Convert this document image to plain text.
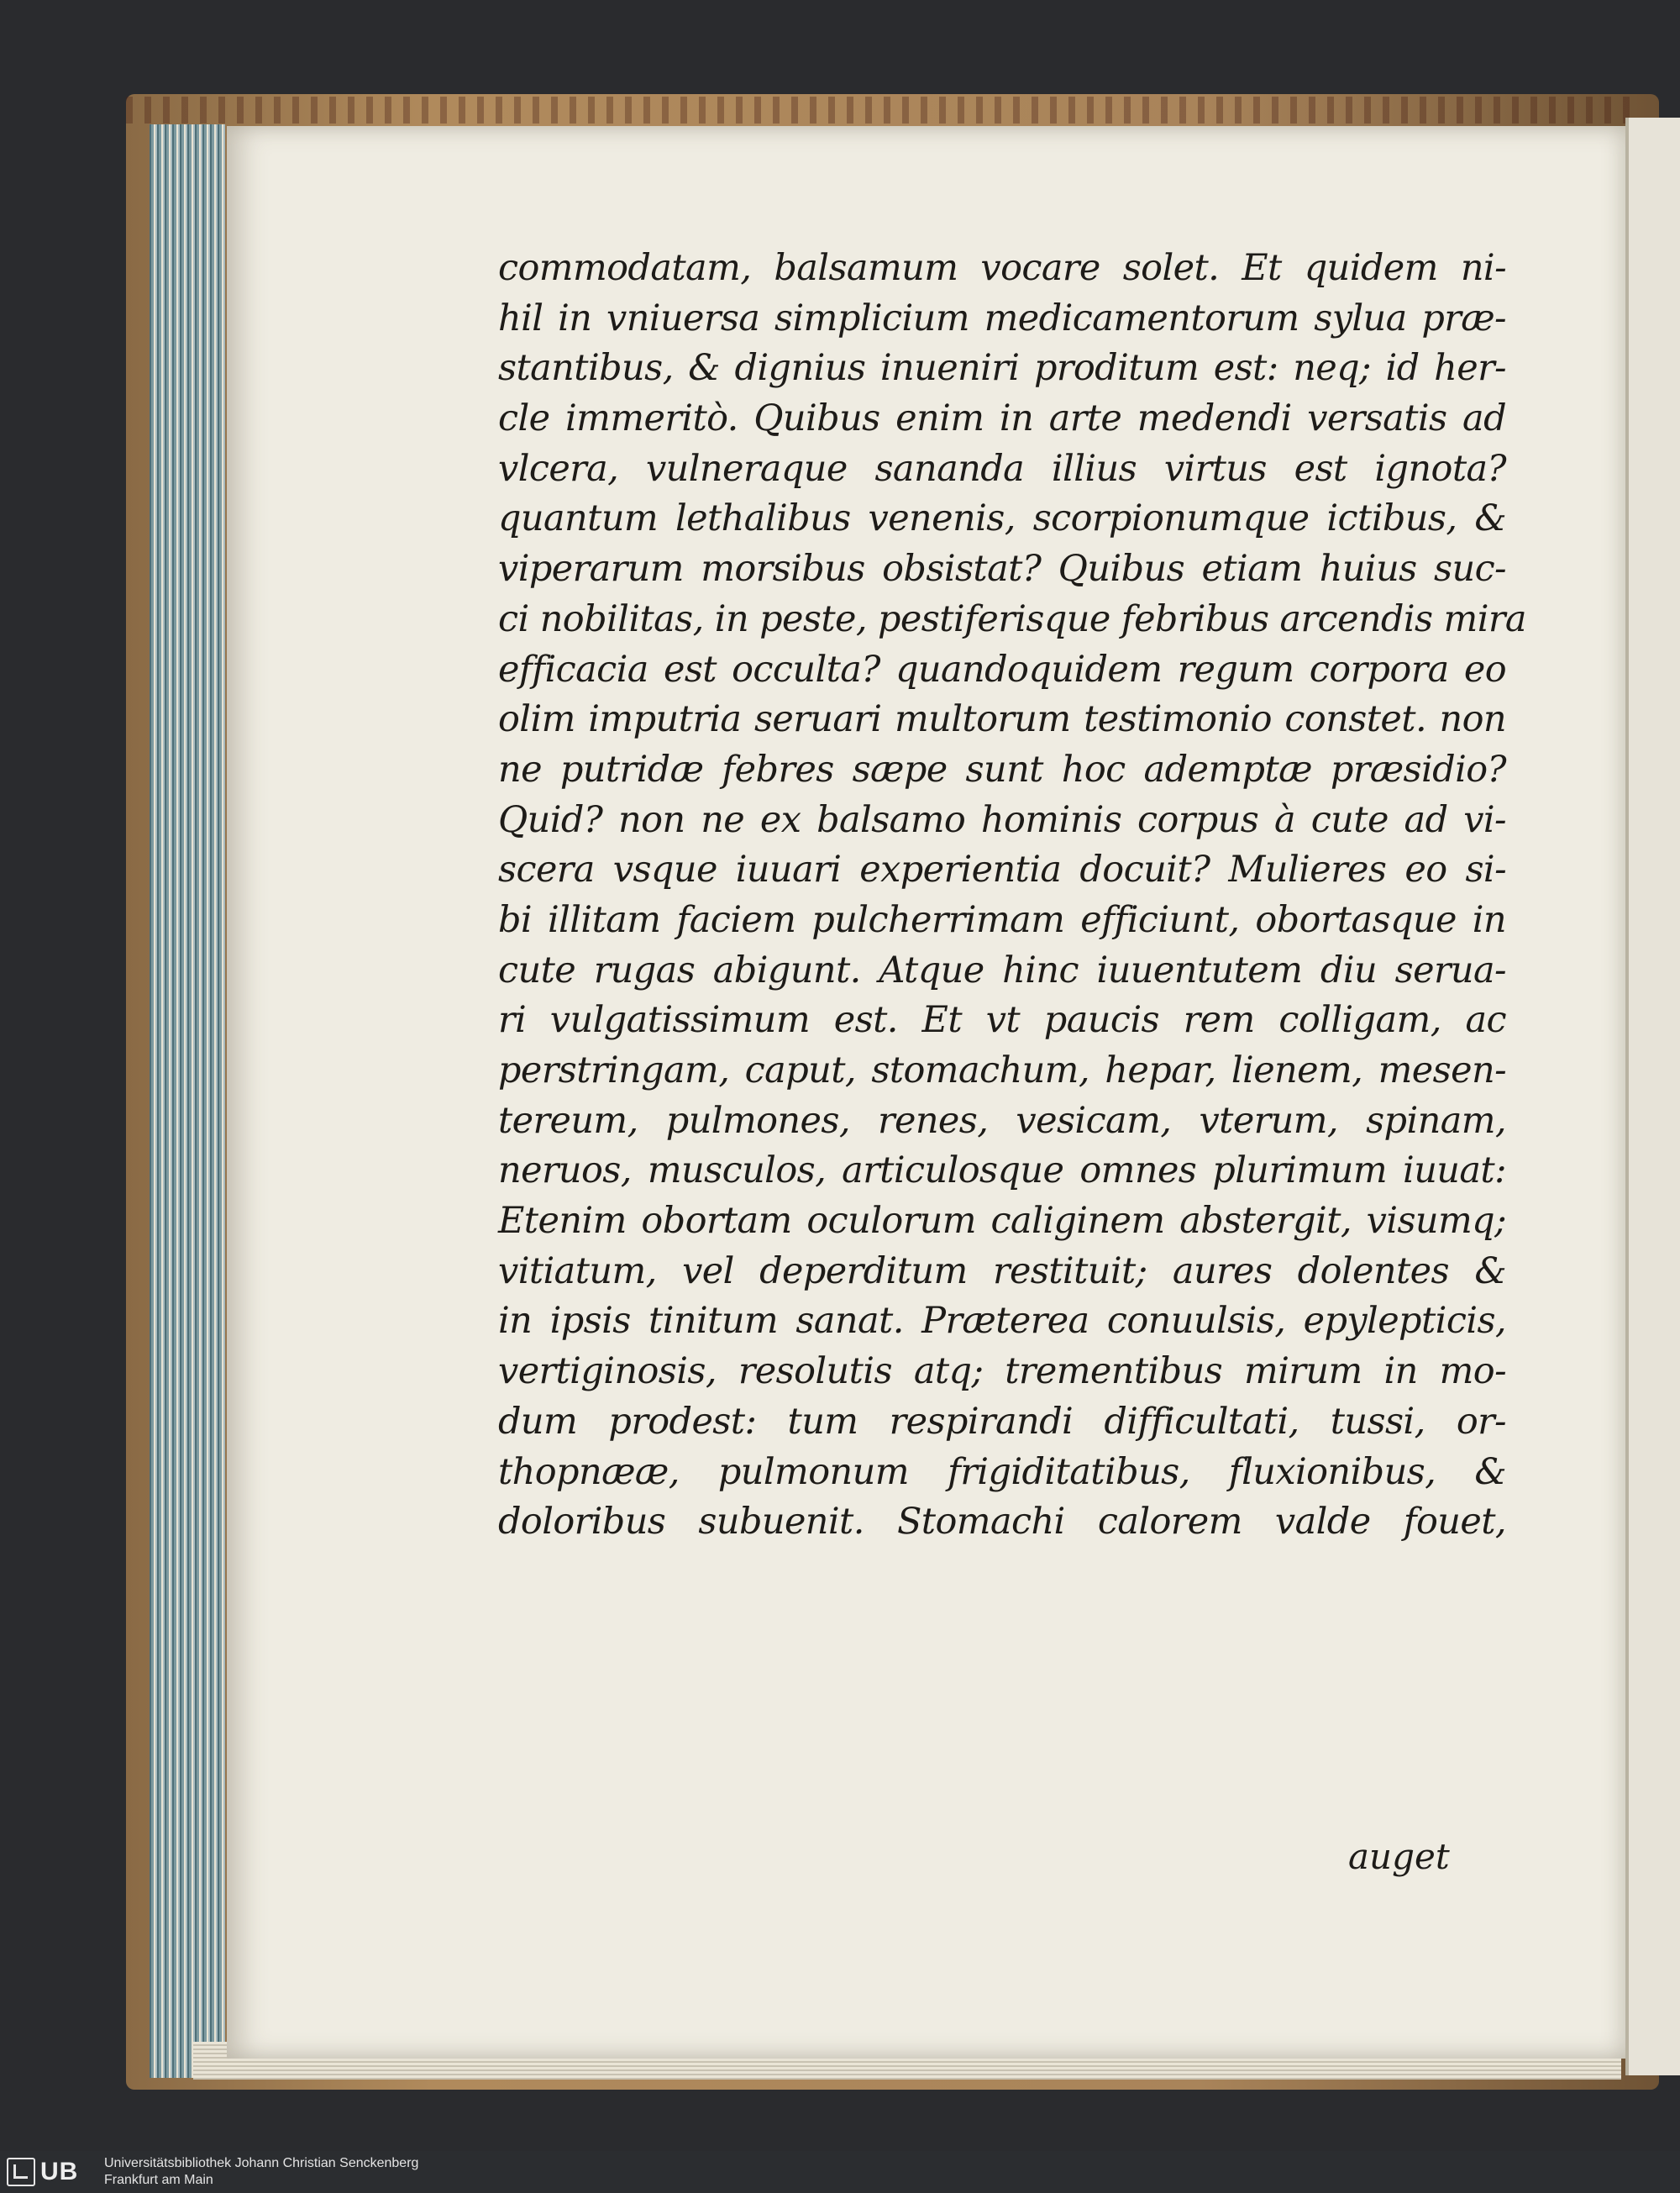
commodatam, balsamum vocare solet. Et quidem ni-
hil in vniuersa simplicium medicamentorum sylua præ-
stantibus, & dignius inueniri proditum est: neq; id her-
cle immeritò. Quibus enim in arte medendi versatis ad
vlcera, vulneraque sananda illius virtus est ignota?
quantum lethalibus venenis, scorpionumque ictibus, &
viperarum morsibus obsistat? Quibus etiam huius suc-
ci nobilitas, in peste, pestiferisque febribus arcendis mira
efficacia est occulta? quandoquidem regum corpora eo
olim imputria seruari multorum testimonio constet. non
ne putridæ febres sæpe sunt hoc ademptæ præsidio?
Quid? non ne ex balsamo hominis corpus à cute ad vi-
scera vsque iuuari experientia docuit? Mulieres eo si-
bi illitam faciem pulcherrimam efficiunt, obortasque in
cute rugas abigunt. Atque hinc iuuentutem diu serua-
ri vulgatissimum est. Et vt paucis rem colligam, ac
perstringam, caput, stomachum, hepar, lienem, mesen-
tereum, pulmones, renes, vesicam, vterum, spinam,
neruos, musculos, articulosque omnes plurimum iuuat:
Etenim obortam oculorum caliginem abstergit, visumq;
vitiatum, vel deperditum restituit; aures dolentes &
in ipsis tinitum sanat. Præterea conuulsis, epylepticis,
vertiginosis, resolutis atq; trementibus mirum in mo-
dum prodest: tum respirandi difficultati, tussi, or-
thopnææ, pulmonum frigiditatibus, fluxionibus, &
doloribus subuenit. Stomachi calorem valde fouet,
auget
UB Universitätsbibliothek Johann Christian Senckenberg
Frankfurt am Main
